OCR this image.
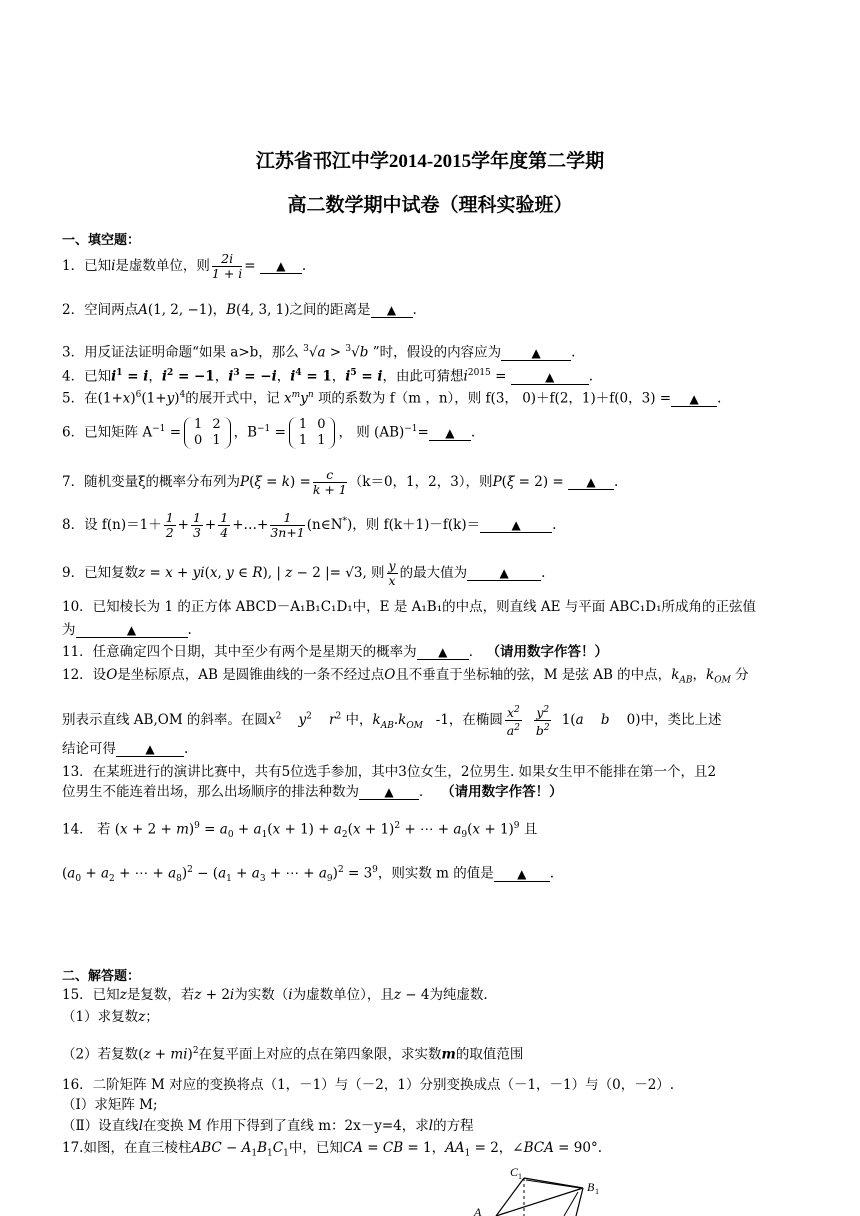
江苏省邗江中学2014-2015学年度第二学期
高二数学期中试卷（理科实验班）
一、填空题：
1．已知i是虚数单位，则 $\frac{2i}{1 + i}$ = ▲ .
2．空间两点A(1, 2, −1)，B(4, 3, 1)之间的距离是 ▲ .
3．用反证法证明命题“如果 a>b，那么 $^3$√a > $^3$√b ”时，假设的内容应为	▲ .
4．已知$i^1 = i$，$i^2 = -1$，$i^3 = -i$，$i^4 = 1$，$i^5 = i$，由此可猜想$i^{2015}$ =	▲	.
5．在$(1+x)^6(1+y)^4$的展开式中，记 $x^my^n$ 项的系数为 f（m ，n），则 f(3， 0)＋f(2，1)＋f(0，3) = ▲ .
6．已知矩阵 $A^{-1} = 1$	2
0	1 ，$B^{-1} = 1$	0
1	1 ， 则 (AB)$^{-1}$= ▲ .
7．随机变量ξ的概率分布列为$P(\xi = k) = \frac{c}{k + 1} (k=0$，1，2，3），则P(ξ = 2) = ▲ .
8．设 $f(n)=1+ \frac{1}{2} + \frac{1}{3} + \frac{1}{4}$ +…+ $\frac{1}{3n+1}$ (n∈N*)，则 f(k＋1)－f(k)＝	▲ .
9．已知复数z = x + yi(x, y ∈ R), | z − 2 |= √3, 则 $\frac{y}{x}$ 的最大值为	▲ .
10．已知棱长为 1 的正方体 ABCD－A₁B₁C₁D₁中，E 是 A₁B₁的中点，则直线 AE 与平面 ABC₁D₁所成角的正弦值
为	▲	.
11．任意确定四个日期，其中至少有两个是星期天的概率为 ▲ ． （请用数字作答！）
12．设O是坐标原点，AB 是圆锥曲线的一条不经过点O且不垂直于坐标轴的弦，M 是弦 AB 的中点，$k_{AB}$，$k_{OM}$ 分
别表示直线 AB,OM 的斜率。在圆$x^2$ $y^2$ $r^2$ 中，$k_{AB}.k_{OM}$ -1，在椭圆 $\frac{x^2}{a^2}$
$\frac{y^2}{b^2} 1(a$ b    0)中，类比上述
结论可得 ▲ .
13．在某班进行的演讲比赛中，共有5位选手参加，其中3位女生，2位男生. 如果女生甲不能排在第一个，且2
位男生不能连着出场，那么出场顺序的排法种数为 ▲ ． （请用数字作答！）
14． 若 $(x + 2 + m)^9 = a_0 + a_1(x + 1) + a_2(x + 1)^2$ + ⋯ + $a_9(x + 1)^9$ 且
($a_0 + a_2$ + ⋯ + $a_8)^2 - (a_1 + a_3$ + ⋯ + $a_9)^2 = 3^9$，则实数 m 的值是 ▲ .
二、解答题：
15．已知z是复数，若z + 2i为实数（i为虚数单位），且z − 4为纯虚数.
（1）求复数z；
（2）若复数(z + mi)$^2$在复平面上对应的点在第四象限，求实数m的取值范围
16．二阶矩阵 M 对应的变换将点（1，－1）与（－2，1）分别变换成点（－1，－1）与（0，－2）.
（Ⅰ）求矩阵 M;
（Ⅱ）设直线l在变换 M 作用下得到了直线 m：2x－y=4，求l的方程
17.如图，在直三棱柱ABC − $A_1B_1C_1$中，已知CA = CB = 1，$AA_1 = 2$，∠BCA = 90°.
C 1
B 1
A
